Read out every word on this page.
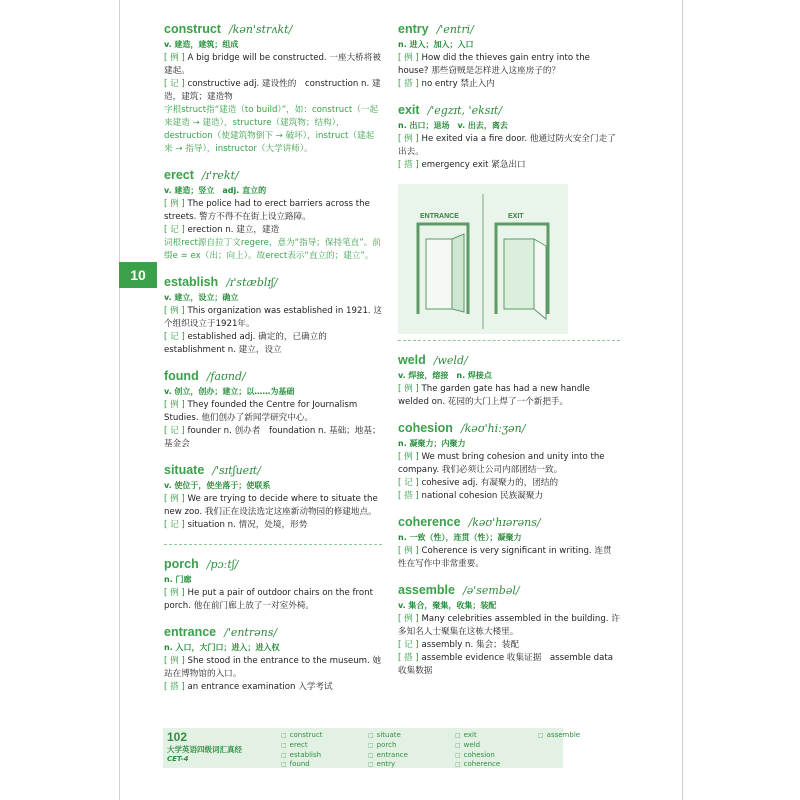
construct /kən'strʌkt/
v. 建造，建筑；组成
[ 例 ] A big bridge will be constructed. 一座大桥将被建起。
[ 记 ] constructive adj. 建设性的　construction n. 建造，建筑；建造物
字根struct指“建造（to build）”，如：construct（一起来建造 → 建造），structure（建筑物；结构），destruction（使建筑物倒下 → 破坏），instruct（建起来 → 指导），instructor（大学讲师）。
erect /ɪ'rekt/
v. 建造；竖立　adj. 直立的
[ 例 ] The police had to erect barriers across the streets. 警方不得不在街上设立路障。
[ 记 ] erection n. 建立，建造
词根rect源自拉丁文regere，意为“指导；保持笔直”。前缀e = ex（出；向上）。故erect表示“直立的；建立”。
establish /ɪ'stæblɪʃ/
v. 建立，设立；确立
[ 例 ] This organization was established in 1921. 这个组织设立于1921年。
[ 记 ] established adj. 确定的，已确立的　establishment n. 建立，设立
found /faʊnd/
v. 创立，创办；建立；以……为基础
[ 例 ] They founded the Centre for Journalism Studies. 他们创办了新闻学研究中心。
[ 记 ] founder n. 创办者　foundation n. 基础；地基；基金会
situate /'sɪtʃueɪt/
v. 使位于，使坐落于；使联系
[ 例 ] We are trying to decide where to situate the new zoo. 我们正在设法选定这座新动物园的修建地点。
[ 记 ] situation n. 情况，处境，形势
porch /pɔːtʃ/
n. 门廊
[ 例 ] He put a pair of outdoor chairs on the front porch. 他在前门廊上放了一对室外椅。
entrance /'entrəns/
n. 入口，大门口；进入；进入权
[ 例 ] She stood in the entrance to the museum. 她站在博物馆的入口。
[ 搭 ] an entrance examination 入学考试
entry /'entri/
n. 进入；加入；入口
[ 例 ] How did the thieves gain entry into the house? 那些窃贼是怎样进入这座房子的？
[ 搭 ] no entry 禁止入内
exit /'egzɪt, 'eksɪt/
n. 出口；退场　v. 出去，离去
[ 例 ] He exited via a fire door. 他通过防火安全门走了出去。
[ 搭 ] emergency exit 紧急出口
ENTRANCE	EXIT
weld /weld/
v. 焊接，熔接　n. 焊接点
[ 例 ] The garden gate has had a new handle welded on. 花园的大门上焊了一个新把手。
cohesion /kəʊ'hiːʒən/
n. 凝聚力；内聚力
[ 例 ] We must bring cohesion and unity into the company. 我们必须让公司内部团结一致。
[ 记 ] cohesive adj. 有凝聚力的，团结的
[ 搭 ] national cohesion 民族凝聚力
coherence /kəʊ'hɪərəns/
n. 一致（性），连贯（性）；凝聚力
[ 例 ] Coherence is very significant in writing. 连贯性在写作中非常重要。
assemble /ə'sembəl/
v. 集合，聚集，收集；装配
[ 例 ] Many celebrities assembled in the building. 许多知名人士聚集在这栋大楼里。
[ 记 ] assembly n. 集会；装配
[ 搭 ] assemble evidence 收集证据　assemble data 收集数据
10
102
大学英语四级词汇真经
CET-4
□ construct
□ erect
□ establish
□ found
□ situate
□ porch
□ entrance
□ entry
□ exit
□ weld
□ cohesion
□ coherence
□ assemble
